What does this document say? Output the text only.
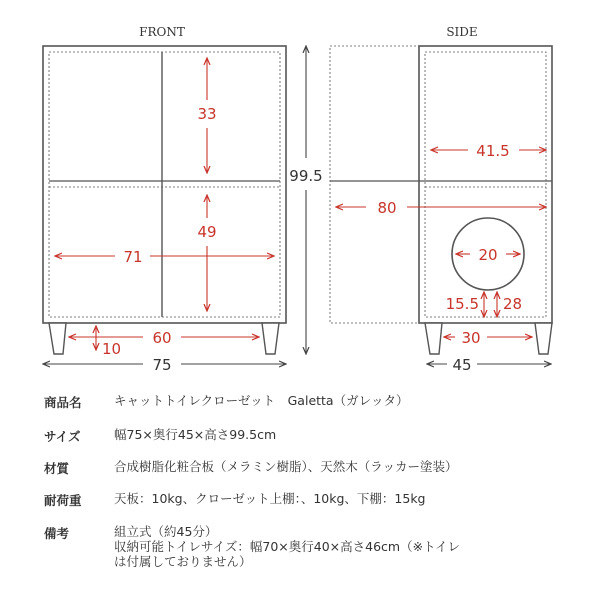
FRONT	SIDE
33
49
71
60
10
99.5
75	45
41.5
80
20
15.5 28
30
商品名	キャットトイレクローゼット　Galetta（ガレッタ）
サイズ	幅75×奥行45×高さ99.5cm
材質	合成樹脂化粧合板（メラミン樹脂）、天然木（ラッカー塗装）
耐荷重	天板：10kg、クローゼット上棚：、10kg、下棚：15kg
備考	組立式（約45分）
収納可能トイレサイズ：幅70×奥行40×高さ46cm（※トイレ
は付属しておりません）
